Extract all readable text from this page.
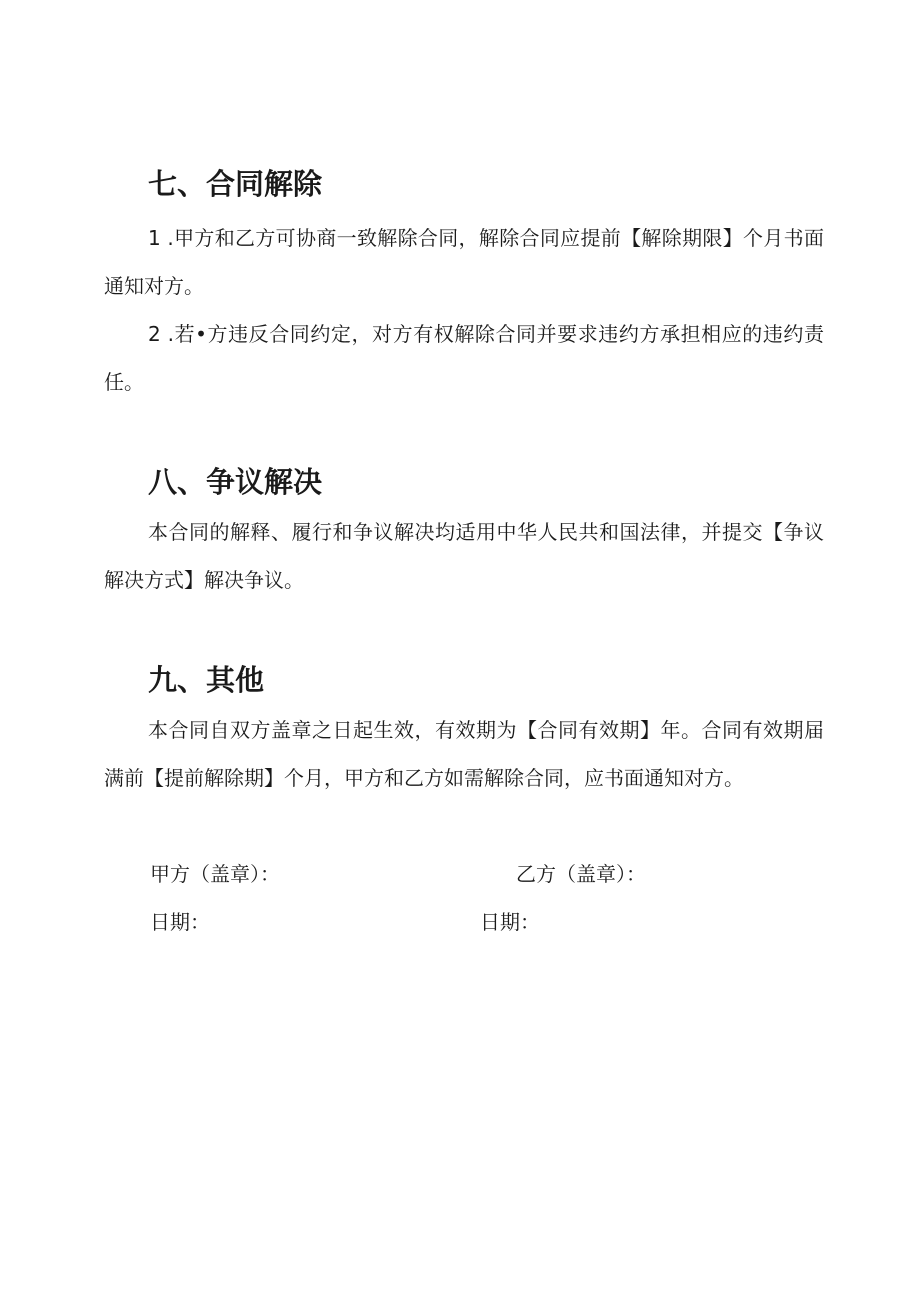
七、合同解除

1 .甲方和乙方可协商一致解除合同，解除合同应提前【解除期限】个月书面通知对方。

2 .若•方违反合同约定，对方有权解除合同并要求违约方承担相应的违约责任。

八、争议解决

本合同的解释、履行和争议解决均适用中华人民共和国法律，并提交【争议解决方式】解决争议。

九、其他

本合同自双方盖章之日起生效，有效期为【合同有效期】年。合同有效期届满前【提前解除期】个月，甲方和乙方如需解除合同，应书面通知对方。

甲方（盖章）：	乙方（盖章）：
日期：	日期：
